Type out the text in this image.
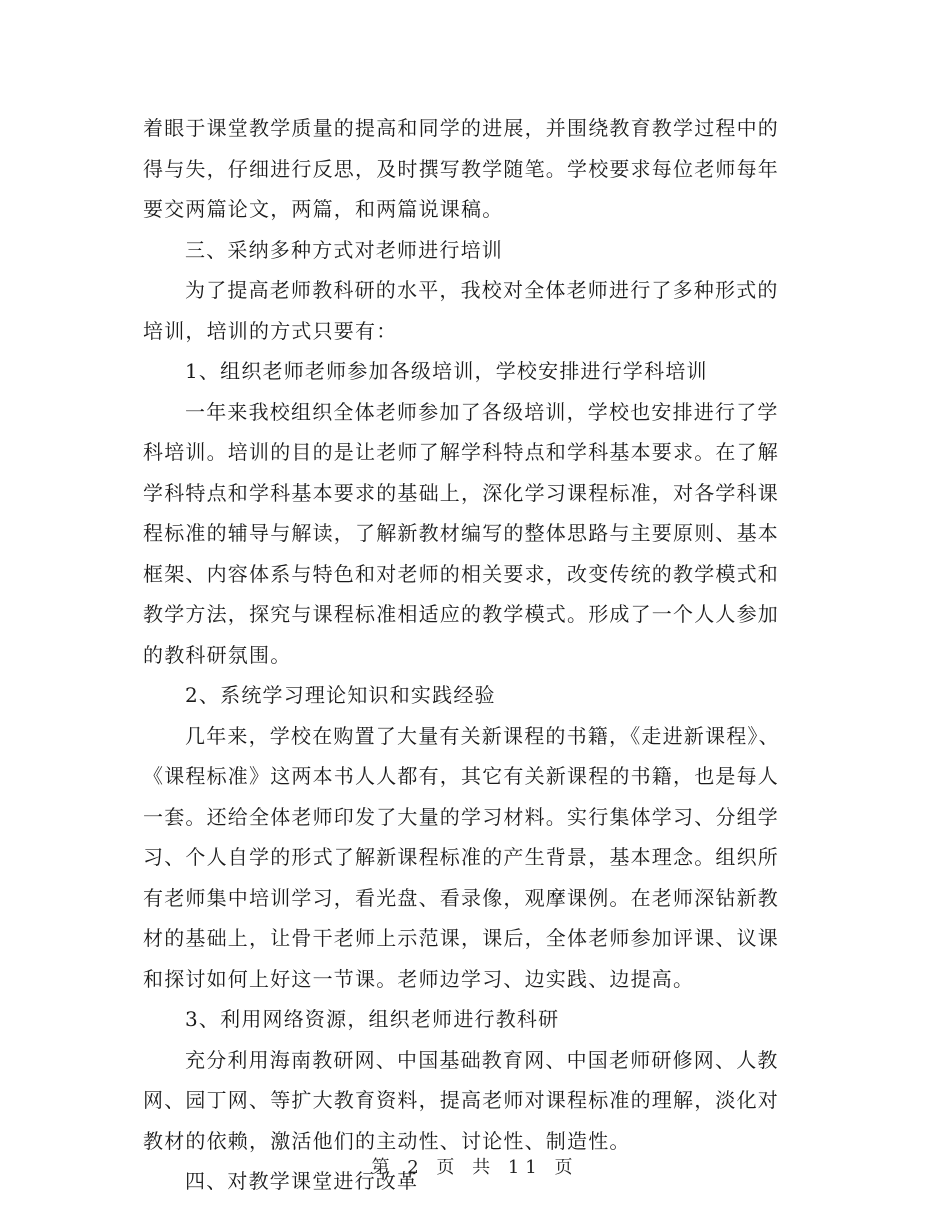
着眼于课堂教学质量的提高和同学的进展，并围绕教育教学过程中的
得与失，仔细进行反思，及时撰写教学随笔。学校要求每位老师每年
要交两篇论文，两篇，和两篇说课稿。
三、采纳多种方式对老师进行培训
为了提高老师教科研的水平，我校对全体老师进行了多种形式的
培训，培训的方式只要有：
1、组织老师老师参加各级培训，学校安排进行学科培训
一年来我校组织全体老师参加了各级培训，学校也安排进行了学
科培训。培训的目的是让老师了解学科特点和学科基本要求。在了解
学科特点和学科基本要求的基础上，深化学习课程标准，对各学科课
程标准的辅导与解读，了解新教材编写的整体思路与主要原则、基本
框架、内容体系与特色和对老师的相关要求，改变传统的教学模式和
教学方法，探究与课程标准相适应的教学模式。形成了一个人人参加
的教科研氛围。
2、系统学习理论知识和实践经验
几年来，学校在购置了大量有关新课程的书籍，《走进新课程》、
《课程标准》这两本书人人都有，其它有关新课程的书籍，也是每人
一套。还给全体老师印发了大量的学习材料。实行集体学习、分组学
习、个人自学的形式了解新课程标准的产生背景，基本理念。组织所
有老师集中培训学习，看光盘、看录像，观摩课例。在老师深钻新教
材的基础上，让骨干老师上示范课，课后，全体老师参加评课、议课
和探讨如何上好这一节课。老师边学习、边实践、边提高。
3、利用网络资源，组织老师进行教科研
充分利用海南教研网、中国基础教育网、中国老师研修网、人教
网、园丁网、等扩大教育资料，提高老师对课程标准的理解，淡化对
教材的依赖，激活他们的主动性、讨论性、制造性。
四、对教学课堂进行改革
第 2 页 共 11 页
